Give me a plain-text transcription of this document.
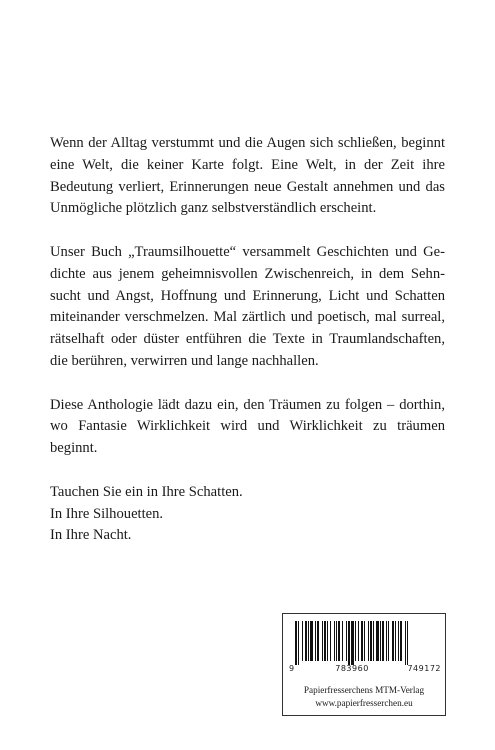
Wenn der Alltag verstummt und die Augen sich schließen, beginnt eine Welt, die keiner Karte folgt. Eine Welt, in der Zeit ihre Bedeutung verliert, Erinnerungen neue Gestalt annehmen und das Unmögliche plötzlich ganz selbstverständlich erscheint.

Unser Buch „Traumsilhouette“ versammelt Geschichten und Gedichte aus jenem geheimnisvollen Zwischenreich, in dem Sehnsucht und Angst, Hoffnung und Erinnerung, Licht und Schatten miteinander verschmelzen. Mal zärtlich und poetisch, mal surreal, rätselhaft oder düster entführen die Texte in Traumlandschaften, die berühren, verwirren und lange nachhallen.

Diese Anthologie lädt dazu ein, den Träumen zu folgen – dorthin, wo Fantasie Wirklichkeit wird und Wirklichkeit zu träumen beginnt.

Tauchen Sie ein in Ihre Schatten.
In Ihre Silhouetten.
In Ihre Nacht.

9	783960	749172
Papierfresserchens MTM-Verlag
www.papierfresserchen.eu
